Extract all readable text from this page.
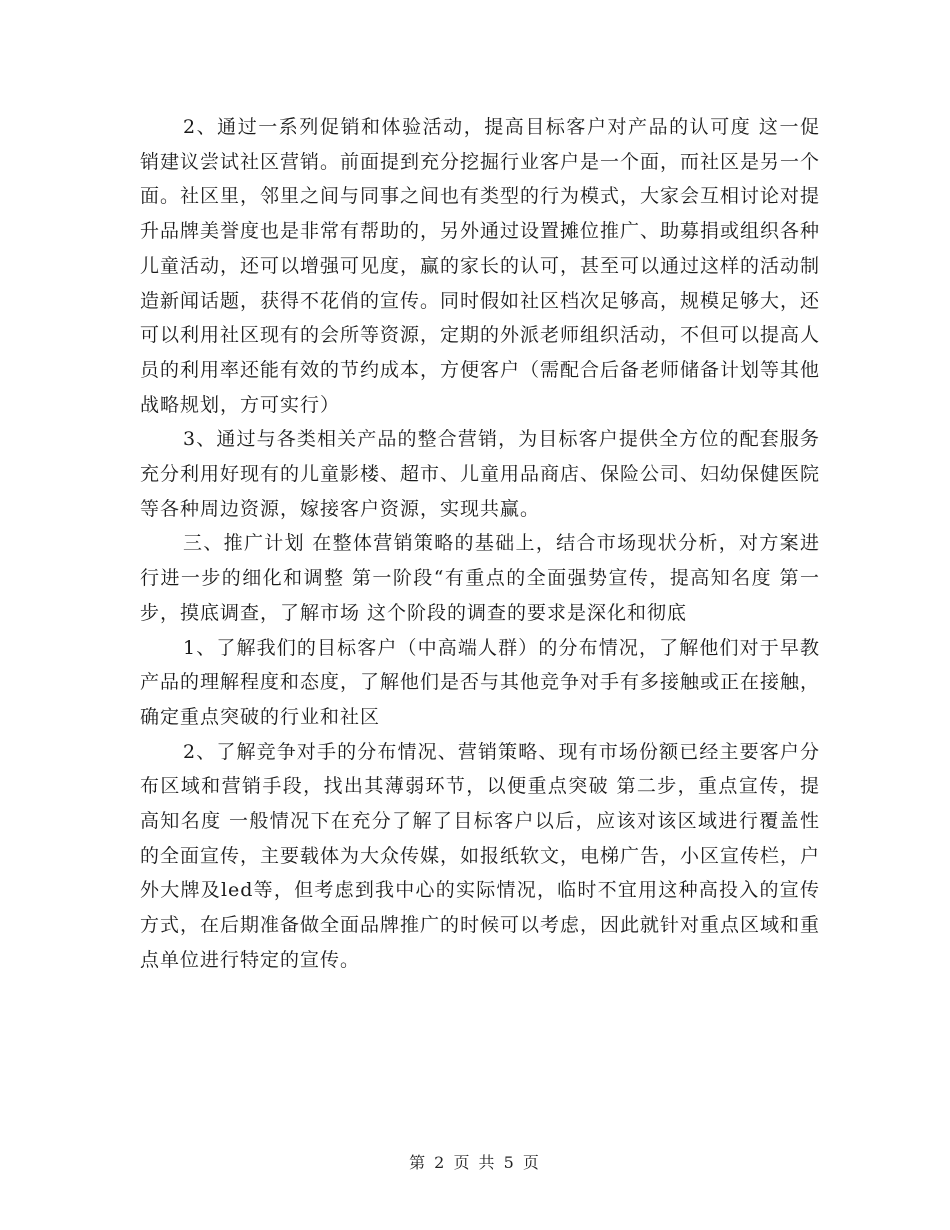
2、通过一系列促销和体验活动，提高目标客户对产品的认可度 这一促销建议尝试社区营销。前面提到充分挖掘行业客户是一个面，而社区是另一个面。社区里，邻里之间与同事之间也有类型的行为模式，大家会互相讨论对提升品牌美誉度也是非常有帮助的，另外通过设置摊位推广、助募捐或组织各种儿童活动，还可以增强可见度，赢的家长的认可，甚至可以通过这样的活动制造新闻话题，获得不花俏的宣传。同时假如社区档次足够高，规模足够大，还可以利用社区现有的会所等资源，定期的外派老师组织活动，不但可以提高人员的利用率还能有效的节约成本，方便客户（需配合后备老师储备计划等其他战略规划，方可实行）

3、通过与各类相关产品的整合营销，为目标客户提供全方位的配套服务 充分利用好现有的儿童影楼、超市、儿童用品商店、保险公司、妇幼保健医院等各种周边资源，嫁接客户资源，实现共赢。

三、推广计划 在整体营销策略的基础上，结合市场现状分析，对方案进行进一步的细化和调整 第一阶段“有重点的全面强势宣传，提高知名度 第一步，摸底调查，了解市场 这个阶段的调查的要求是深化和彻底

1、了解我们的目标客户（中高端人群）的分布情况，了解他们对于早教产品的理解程度和态度，了解他们是否与其他竞争对手有多接触或正在接触，确定重点突破的行业和社区

2、了解竞争对手的分布情况、营销策略、现有市场份额已经主要客户分布区域和营销手段，找出其薄弱环节，以便重点突破 第二步，重点宣传，提高知名度 一般情况下在充分了解了目标客户以后，应该对该区域进行覆盖性的全面宣传，主要载体为大众传媒，如报纸软文，电梯广告，小区宣传栏，户外大牌及led等，但考虑到我中心的实际情况，临时不宜用这种高投入的宣传方式，在后期准备做全面品牌推广的时候可以考虑，因此就针对重点区域和重点单位进行特定的宣传。

第 2 页 共 5 页
